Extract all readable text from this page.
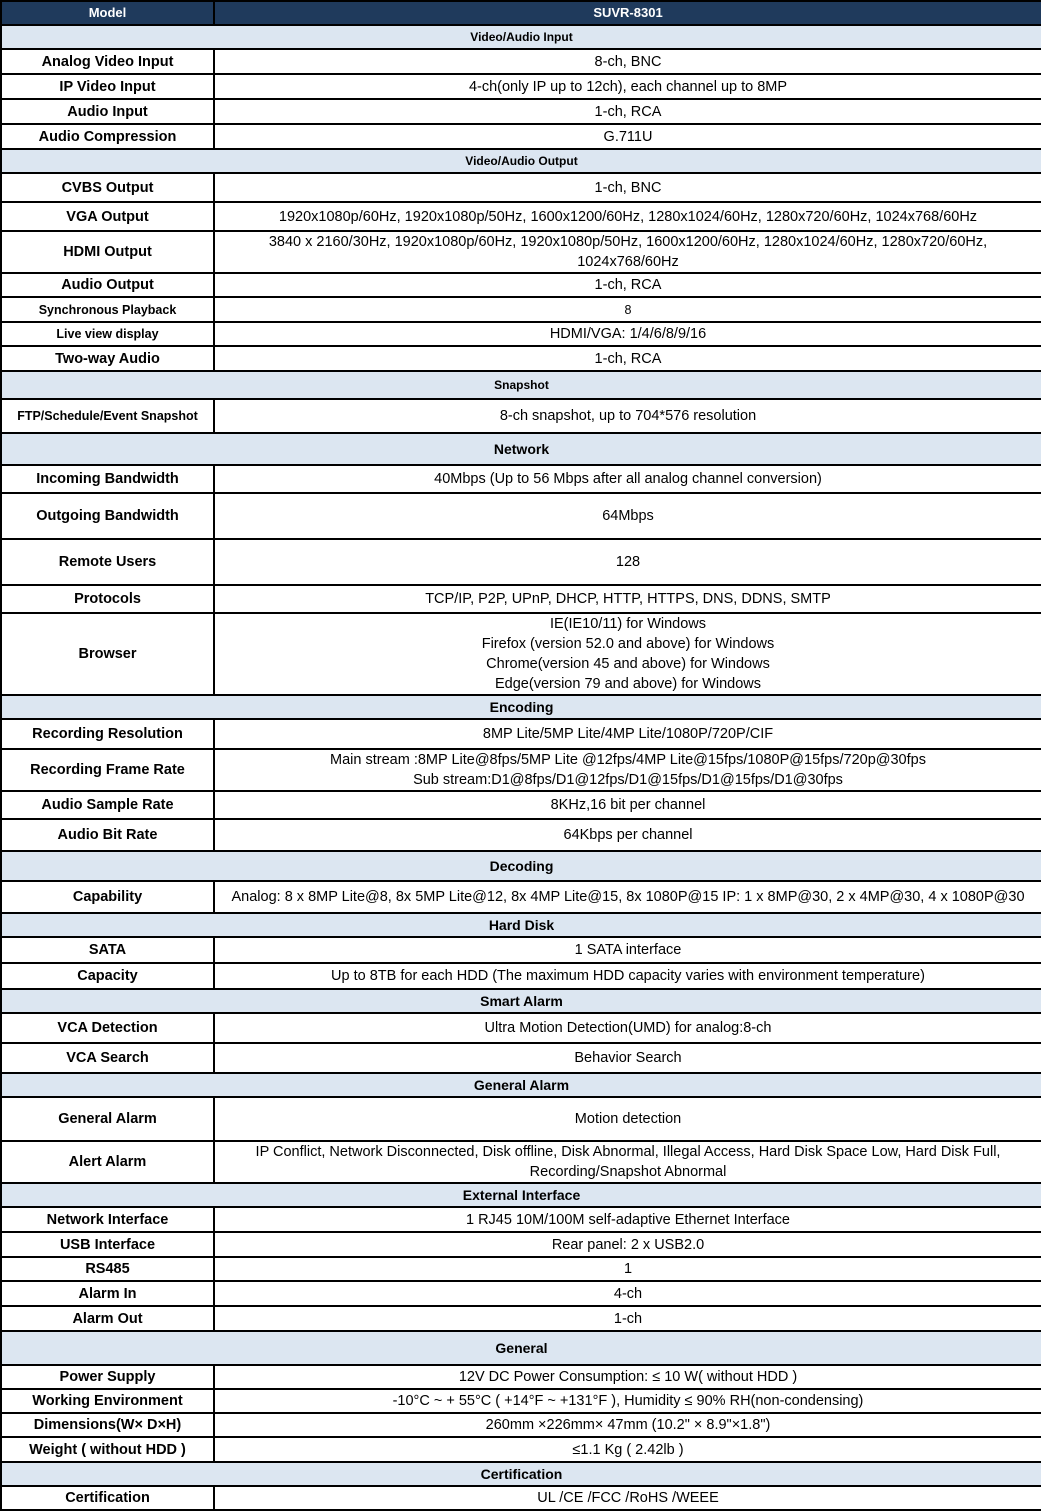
Model	SUVR-8301
Video/Audio Input	
Analog Video Input	8-ch, BNC

IP Video Input	4-ch(only IP up to 12ch), each channel up to 8MP

Audio Input	1-ch, RCA

Audio Compression	G.711U

Video/Audio Output	
CVBS Output	1-ch, BNC

VGA Output	1920x1080p/60Hz, 1920x1080p/50Hz, 1600x1200/60Hz, 1280x1024/60Hz, 1280x720/60Hz, 1024x768/60Hz

HDMI Output	3840 x 2160/30Hz, 1920x1080p/60Hz, 1920x1080p/50Hz, 1600x1200/60Hz, 1280x1024/60Hz, 1280x720/60Hz,
1024x768/60Hz

Audio Output	1-ch, RCA

Synchronous Playback	8

Live view display	HDMI/VGA: 1/4/6/8/9/16

Two-way Audio	1-ch, RCA

Snapshot	
FTP/Schedule/Event Snapshot	8-ch snapshot, up to 704*576 resolution

Network	
Incoming Bandwidth	40Mbps (Up to 56 Mbps after all analog channel conversion)

Outgoing Bandwidth	64Mbps

Remote Users	128

Protocols	TCP/IP, P2P, UPnP, DHCP, HTTP, HTTPS, DNS, DDNS, SMTP

Browser	IE(IE10/11) for Windows
Firefox (version 52.0 and above) for Windows
Chrome(version 45 and above) for Windows
Edge(version 79 and above) for Windows

Encoding	
Recording Resolution	8MP Lite/5MP Lite/4MP Lite/1080P/720P/CIF

Recording Frame Rate	Main stream :8MP Lite@8fps/5MP Lite @12fps/4MP Lite@15fps/1080P@15fps/720p@30fps
Sub stream:D1@8fps/D1@12fps/D1@15fps/D1@15fps/D1@30fps

Audio Sample Rate	8KHz,16 bit per channel

Audio Bit Rate	64Kbps per channel

Decoding	
Capability	Analog: 8 x 8MP Lite@8, 8x 5MP Lite@12, 8x 4MP Lite@15, 8x 1080P@15 IP: 1 x 8MP@30, 2 x 4MP@30, 4 x 1080P@30

Hard Disk	
SATA	1 SATA interface

Capacity	Up to 8TB for each HDD (The maximum HDD capacity varies with environment temperature)

Smart Alarm	
VCA Detection	Ultra Motion Detection(UMD) for analog:8-ch

VCA Search	Behavior Search

General Alarm	
General Alarm	Motion detection

Alert Alarm	IP Conflict, Network Disconnected, Disk offline, Disk Abnormal, Illegal Access, Hard Disk Space Low, Hard Disk Full,
Recording/Snapshot Abnormal

External Interface	
Network Interface	1 RJ45 10M/100M self-adaptive Ethernet Interface

USB Interface	Rear panel: 2 x USB2.0

RS485	1

Alarm In	4-ch

Alarm Out	1-ch

General	
Power Supply	12V DC Power Consumption: ≤ 10 W( without HDD )

Working Environment	-10°C ~ + 55°C ( +14°F ~ +131°F ), Humidity ≤ 90% RH(non-condensing)

Dimensions(W× D×H)	260mm ×226mm× 47mm (10.2" × 8.9"×1.8")

Weight ( without HDD )	≤1.1 Kg ( 2.42lb )

Certification	
Certification	UL /CE /FCC /RoHS /WEEE
